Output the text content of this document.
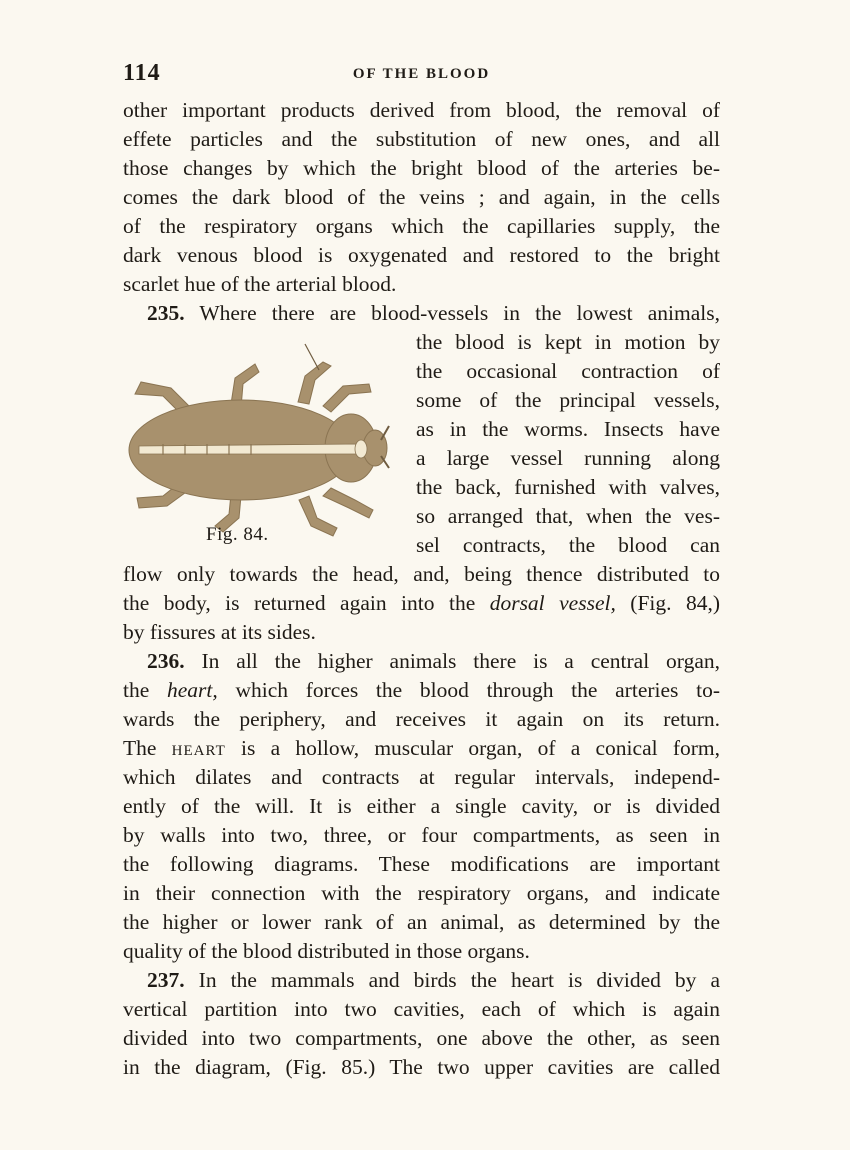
114	OF THE BLOOD
other important products derived from blood, the removal of
effete particles and the substitution of new ones, and all
those changes by which the bright blood of the arteries be-
comes the dark blood of the veins ; and again, in the cells
of the respiratory organs which the capillaries supply, the
dark venous blood is oxygenated and restored to the bright
scarlet hue of the arterial blood.
235. Where there are blood-vessels in the lowest animals,
Fig. 84.
the blood is kept in motion by
the occasional contraction of
some of the principal vessels,
as in the worms. Insects have
a large vessel running along
the back, furnished with valves,
so arranged that, when the ves-
sel contracts, the blood can
flow only towards the head, and, being thence distributed to
the body, is returned again into the dorsal vessel, (Fig. 84,)
by fissures at its sides.
236. In all the higher animals there is a central organ,
the heart, which forces the blood through the arteries to-
wards the periphery, and receives it again on its return.
The HEART is a hollow, muscular organ, of a conical form,
which dilates and contracts at regular intervals, independ-
ently of the will. It is either a single cavity, or is divided
by walls into two, three, or four compartments, as seen in
the following diagrams. These modifications are important
in their connection with the respiratory organs, and indicate
the higher or lower rank of an animal, as determined by the
quality of the blood distributed in those organs.
237. In the mammals and birds the heart is divided by a
vertical partition into two cavities, each of which is again
divided into two compartments, one above the other, as seen
in the diagram, (Fig. 85.) The two upper cavities are called
